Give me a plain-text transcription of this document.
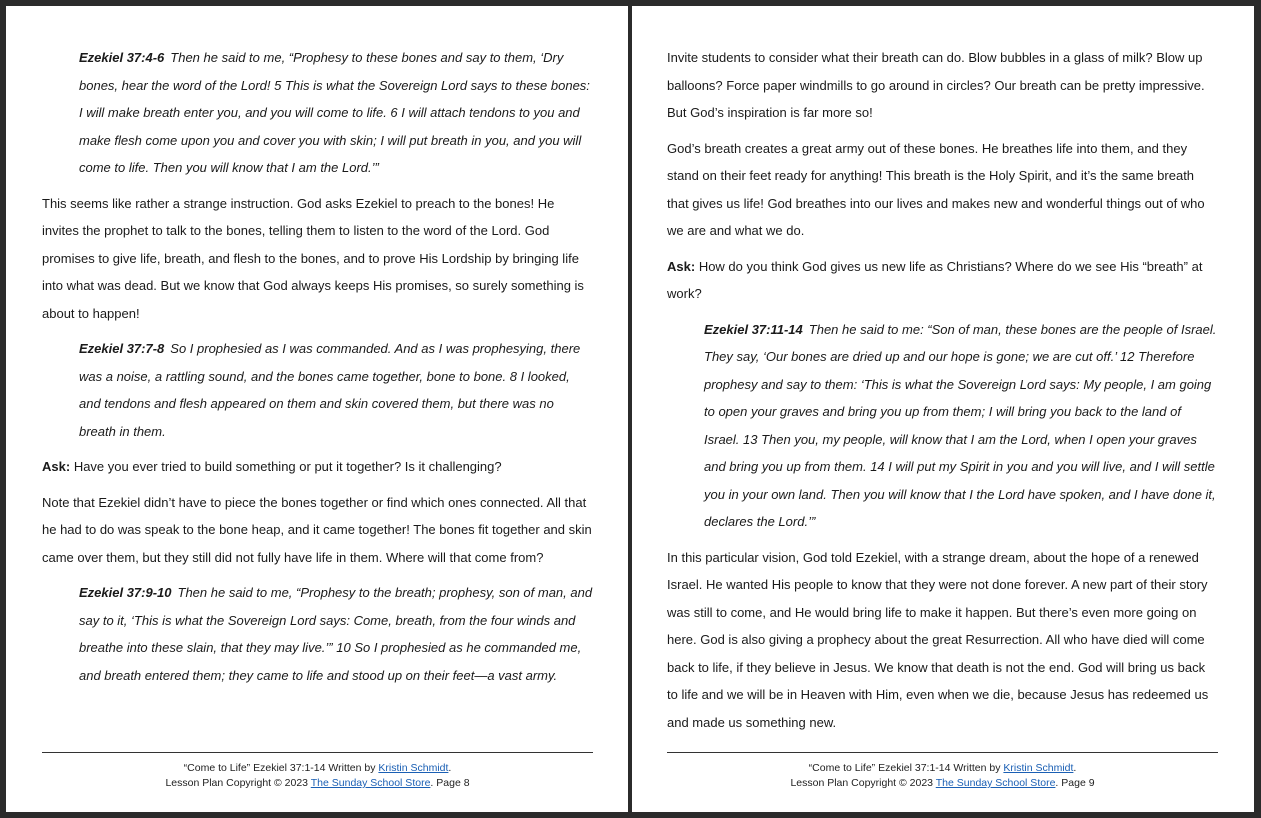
Ezekiel 37:4-6 Then he said to me, “Prophesy to these bones and say to them, ‘Dry bones, hear the word of the Lord! 5 This is what the Sovereign Lord says to these bones: I will make breath enter you, and you will come to life. 6 I will attach tendons to you and make flesh come upon you and cover you with skin; I will put breath in you, and you will come to life. Then you will know that I am the Lord.’”

This seems like rather a strange instruction. God asks Ezekiel to preach to the bones! He invites the prophet to talk to the bones, telling them to listen to the word of the Lord. God promises to give life, breath, and flesh to the bones, and to prove His Lordship by bringing life into what was dead. But we know that God always keeps His promises, so surely something is about to happen!

Ezekiel 37:7-8 So I prophesied as I was commanded. And as I was prophesying, there was a noise, a rattling sound, and the bones came together, bone to bone. 8 I looked, and tendons and flesh appeared on them and skin covered them, but there was no breath in them.

Ask: Have you ever tried to build something or put it together? Is it challenging?

Note that Ezekiel didn’t have to piece the bones together or find which ones connected. All that he had to do was speak to the bone heap, and it came together! The bones fit together and skin came over them, but they still did not fully have life in them. Where will that come from?

Ezekiel 37:9-10 Then he said to me, “Prophesy to the breath; prophesy, son of man, and say to it, ‘This is what the Sovereign Lord says: Come, breath, from the four winds and breathe into these slain, that they may live.’” 10 So I prophesied as he commanded me, and breath entered them; they came to life and stood up on their feet—a vast army.
“Come to Life” Ezekiel 37:1-14 Written by Kristin Schmidt.
Lesson Plan Copyright © 2023 The Sunday School Store. Page 8

Invite students to consider what their breath can do. Blow bubbles in a glass of milk? Blow up balloons? Force paper windmills to go around in circles? Our breath can be pretty impressive. But God’s inspiration is far more so!

God’s breath creates a great army out of these bones. He breathes life into them, and they stand on their feet ready for anything! This breath is the Holy Spirit, and it’s the same breath that gives us life! God breathes into our lives and makes new and wonderful things out of who we are and what we do.

Ask: How do you think God gives us new life as Christians? Where do we see His “breath” at work?

Ezekiel 37:11-14 Then he said to me: “Son of man, these bones are the people of Israel. They say, ‘Our bones are dried up and our hope is gone; we are cut off.’ 12 Therefore prophesy and say to them: ‘This is what the Sovereign Lord says: My people, I am going to open your graves and bring you up from them; I will bring you back to the land of Israel. 13 Then you, my people, will know that I am the Lord, when I open your graves and bring you up from them. 14 I will put my Spirit in you and you will live, and I will settle you in your own land. Then you will know that I the Lord have spoken, and I have done it, declares the Lord.’”

In this particular vision, God told Ezekiel, with a strange dream, about the hope of a renewed Israel. He wanted His people to know that they were not done forever. A new part of their story was still to come, and He would bring life to make it happen. But there’s even more going on here. God is also giving a prophecy about the great Resurrection. All who have died will come back to life, if they believe in Jesus. We know that death is not the end. God will bring us back to life and we will be in Heaven with Him, even when we die, because Jesus has redeemed us and made us something new.

“Come to Life” Ezekiel 37:1-14 Written by Kristin Schmidt.
Lesson Plan Copyright © 2023 The Sunday School Store. Page 9
